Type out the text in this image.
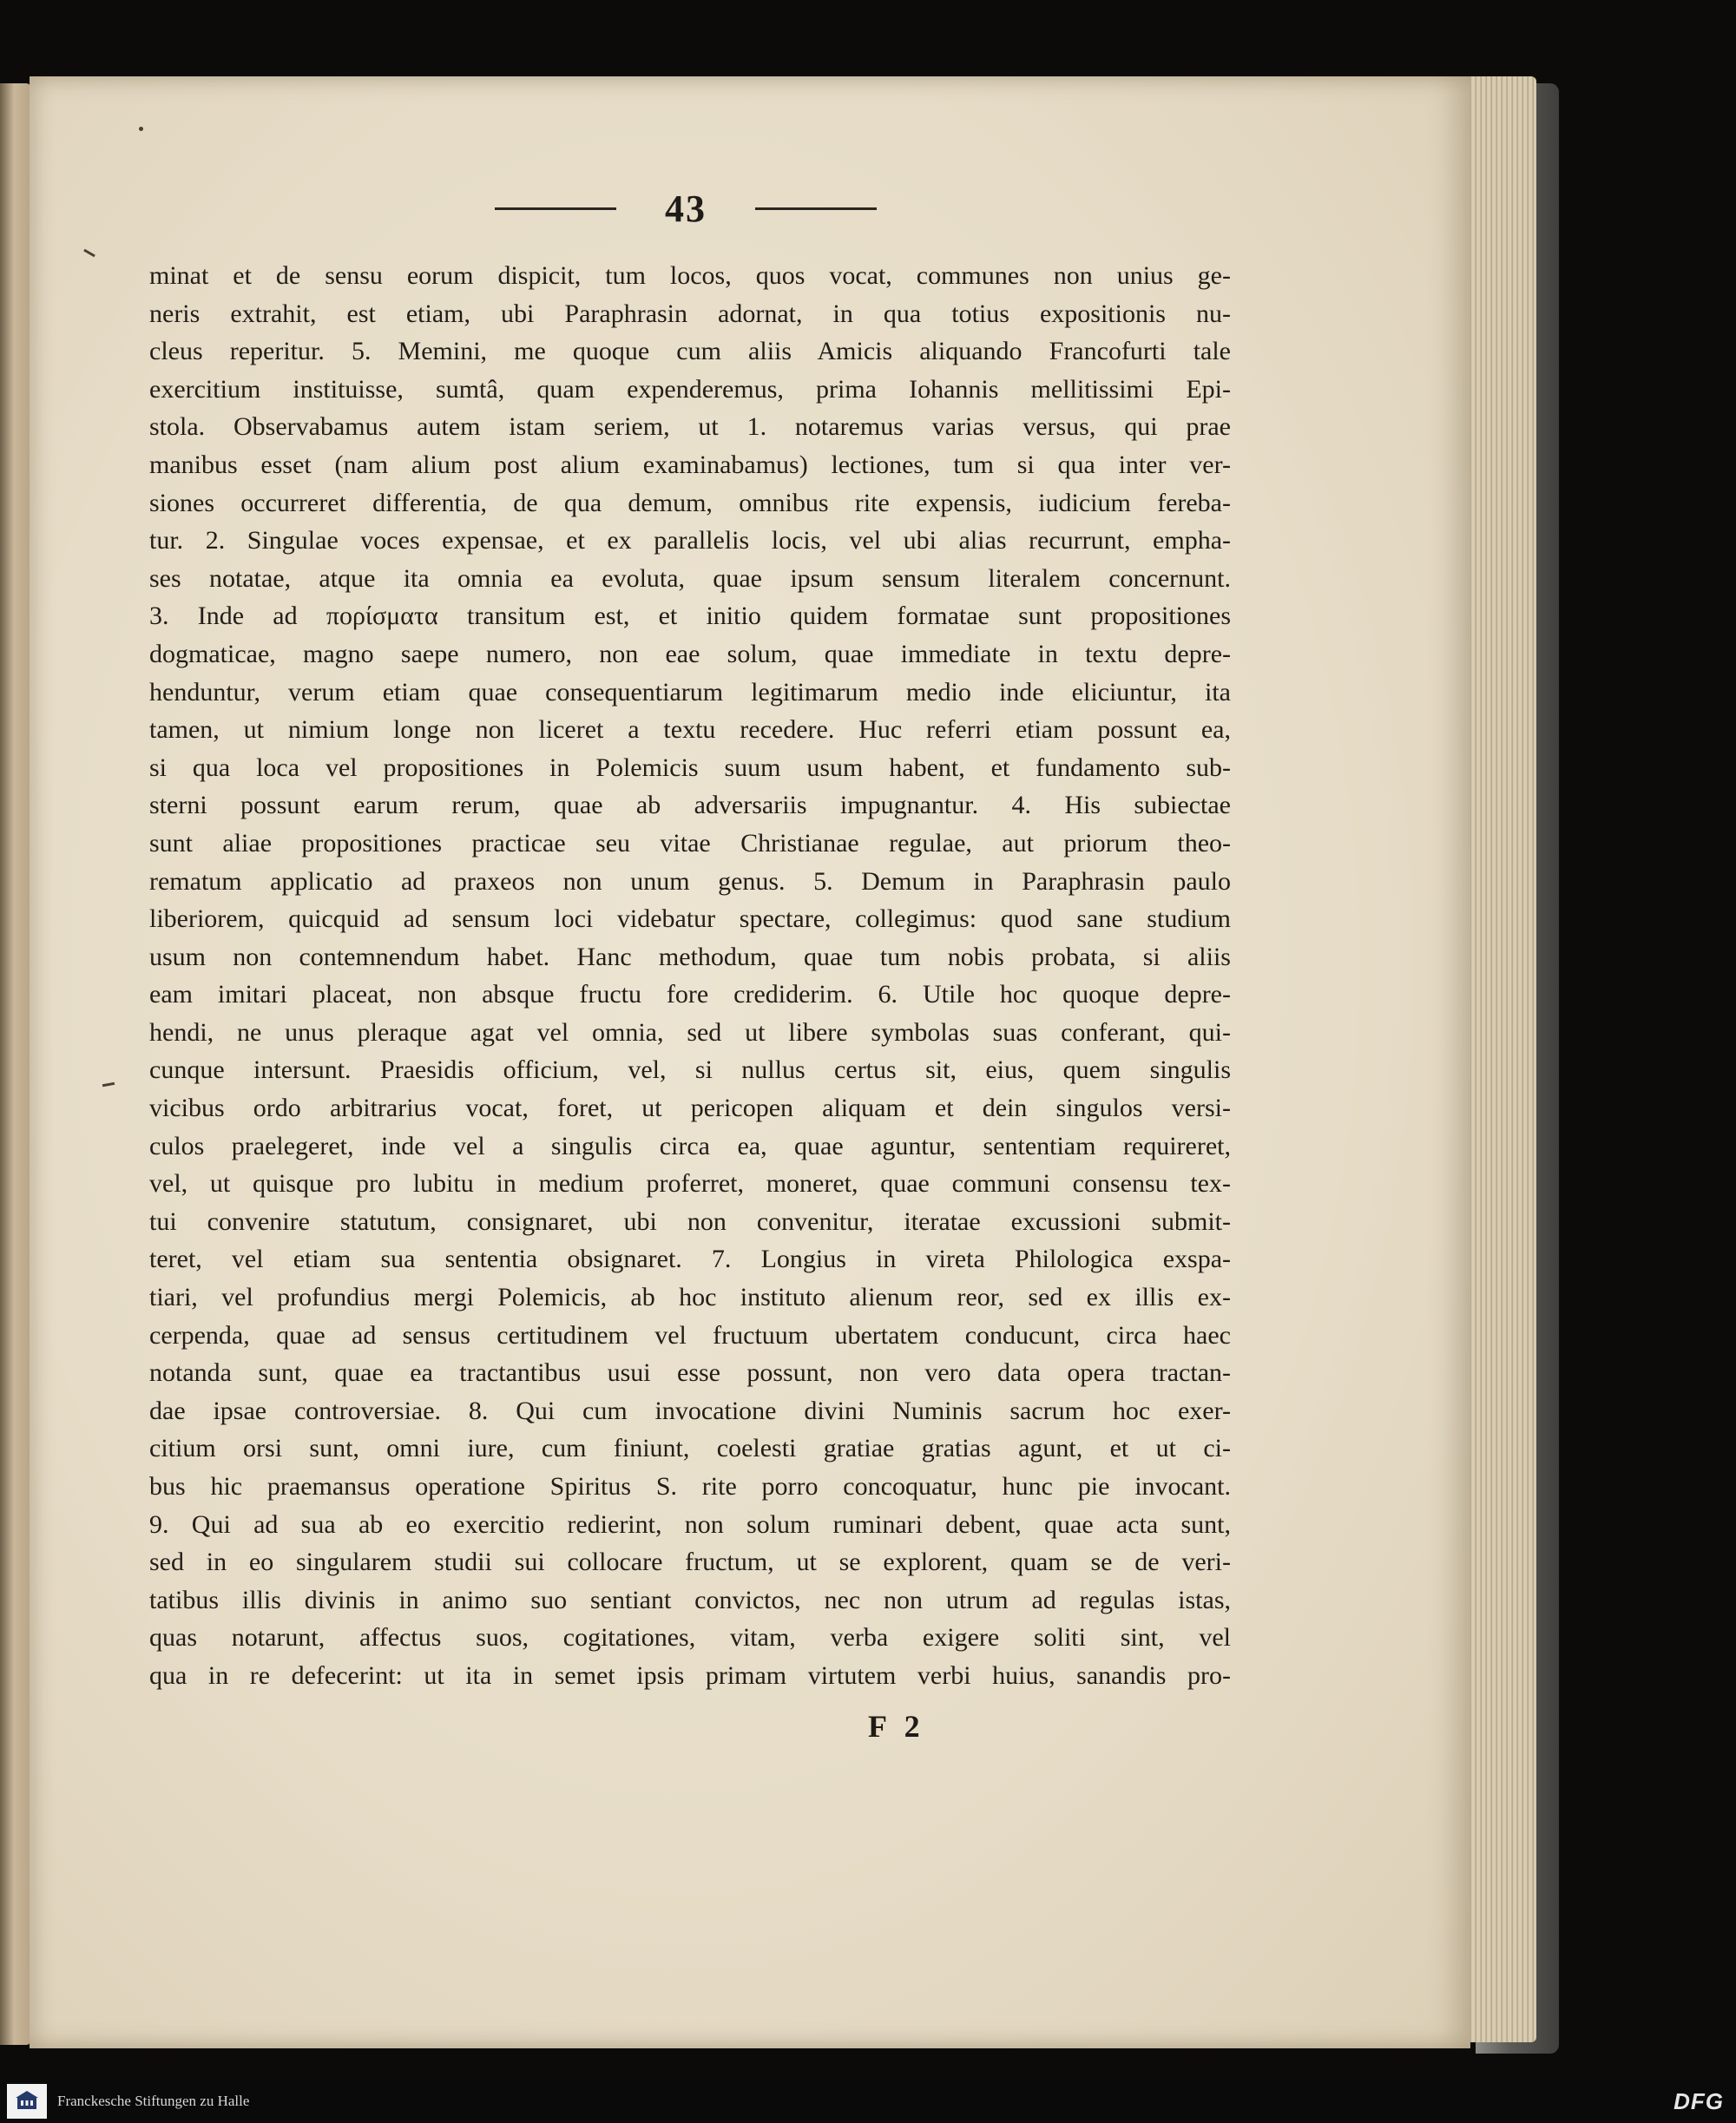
43
minat et de sensu eorum dispicit, tum locos, quos vocat, communes non unius ge-
neris extrahit, est etiam, ubi Paraphrasin adornat, in qua totius expositionis nu-
cleus reperitur. 5. Memini, me quoque cum aliis Amicis aliquando Francofurti tale
exercitium instituisse, sumtâ, quam expenderemus, prima Iohannis mellitissimi Epi-
stola. Observabamus autem istam seriem, ut 1. notaremus varias versus, qui prae
manibus esset (nam alium post alium examinabamus) lectiones, tum si qua inter ver-
siones occurreret differentia, de qua demum, omnibus rite expensis, iudicium fereba-
tur. 2. Singulae voces expensae, et ex parallelis locis, vel ubi alias recurrunt, empha-
ses notatae, atque ita omnia ea evoluta, quae ipsum sensum literalem concernunt.
3. Inde ad πορίσματα transitum est, et initio quidem formatae sunt propositiones
dogmaticae, magno saepe numero, non eae solum, quae immediate in textu depre-
henduntur, verum etiam quae consequentiarum legitimarum medio inde eliciuntur, ita
tamen, ut nimium longe non liceret a textu recedere. Huc referri etiam possunt ea,
si qua loca vel propositiones in Polemicis suum usum habent, et fundamento sub-
sterni possunt earum rerum, quae ab adversariis impugnantur. 4. His subiectae
sunt aliae propositiones practicae seu vitae Christianae regulae, aut priorum theo-
rematum applicatio ad praxeos non unum genus. 5. Demum in Paraphrasin paulo
liberiorem, quicquid ad sensum loci videbatur spectare, collegimus: quod sane studium
usum non contemnendum habet. Hanc methodum, quae tum nobis probata, si aliis
eam imitari placeat, non absque fructu fore crediderim. 6. Utile hoc quoque depre-
hendi, ne unus pleraque agat vel omnia, sed ut libere symbolas suas conferant, qui-
cunque intersunt. Praesidis officium, vel, si nullus certus sit, eius, quem singulis
vicibus ordo arbitrarius vocat, foret, ut pericopen aliquam et dein singulos versi-
culos praelegeret, inde vel a singulis circa ea, quae aguntur, sententiam requireret,
vel, ut quisque pro lubitu in medium proferret, moneret, quae communi consensu tex-
tui convenire statutum, consignaret, ubi non convenitur, iteratae excussioni submit-
teret, vel etiam sua sententia obsignaret. 7. Longius in vireta Philologica exspa-
tiari, vel profundius mergi Polemicis, ab hoc instituto alienum reor, sed ex illis ex-
cerpenda, quae ad sensus certitudinem vel fructuum ubertatem conducunt, circa haec
notanda sunt, quae ea tractantibus usui esse possunt, non vero data opera tractan-
dae ipsae controversiae. 8. Qui cum invocatione divini Numinis sacrum hoc exer-
citium orsi sunt, omni iure, cum finiunt, coelesti gratiae gratias agunt, et ut ci-
bus hic praemansus operatione Spiritus S. rite porro concoquatur, hunc pie invocant.
9. Qui ad sua ab eo exercitio redierint, non solum ruminari debent, quae acta sunt,
sed in eo singularem studii sui collocare fructum, ut se explorent, quam se de veri-
tatibus illis divinis in animo suo sentiant convictos, nec non utrum ad regulas istas,
quas notarunt, affectus suos, cogitationes, vitam, verba exigere soliti sint, vel
qua in re defecerint: ut ita in semet ipsis primam virtutem verbi huius, sanandis pro-
F 2
Franckesche Stiftungen zu Halle	DFG
